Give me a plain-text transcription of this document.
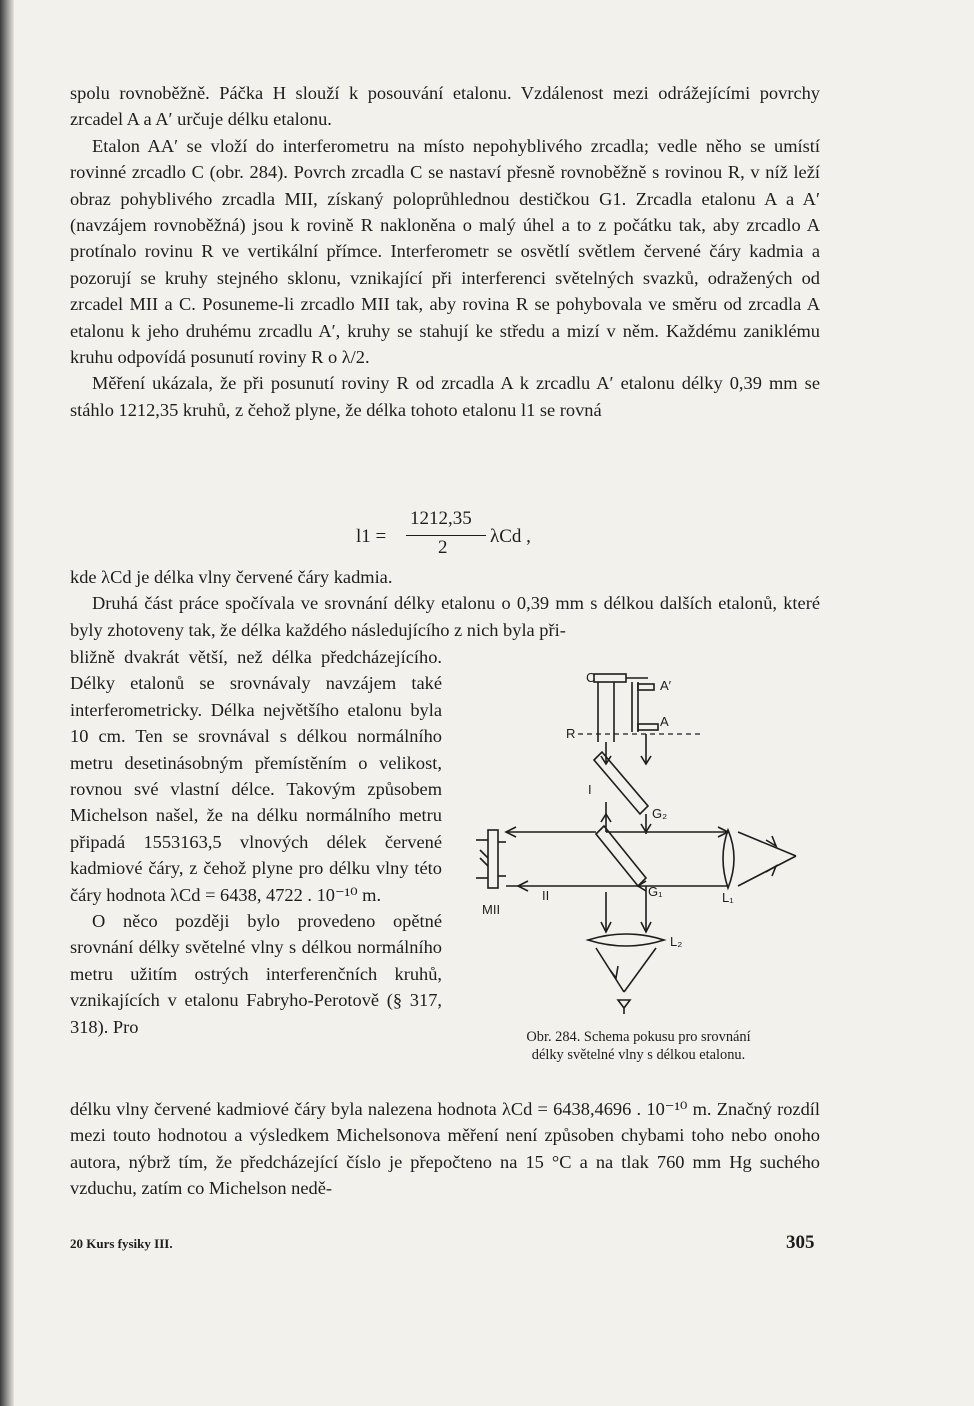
spolu rovnoběžně. Páčka H slouží k posouvání etalonu. Vzdálenost mezi odrážejícími povrchy zrcadel A a A′ určuje délku etalonu.

Etalon AA′ se vloží do interferometru na místo nepohyblivého zrcadla; vedle něho se umístí rovinné zrcadlo C (obr. 284). Povrch zrcadla C se nastaví přesně rovnoběžně s rovinou R, v níž leží obraz pohyblivého zrcadla MII, získaný poloprůhlednou destičkou G1. Zrcadla etalonu A a A′ (navzájem rovnoběžná) jsou k rovině R nakloněna o malý úhel a to z počátku tak, aby zrcadlo A protínalo rovinu R ve vertikální přímce. Interferometr se osvětlí světlem červené čáry kadmia a pozorují se kruhy stejného sklonu, vznikající při interferenci světelných svazků, odražených od zrcadel MII a C. Posuneme-li zrcadlo MII tak, aby rovina R se pohybovala ve směru od zrcadla A etalonu k jeho druhému zrcadlu A′, kruhy se stahují ke středu a mizí v něm. Každému zaniklému kruhu odpovídá posunutí roviny R o λ/2.

Měření ukázala, že při posunutí roviny R od zrcadla A k zrcadlu A′ etalonu délky 0,39 mm se stáhlo 1212,35 kruhů, z čehož plyne, že délka tohoto etalonu l1 se rovná

l1 =
1212,35
2
λCd ,

kde λCd je délka vlny červené čáry kadmia.

Druhá část práce spočívala ve srovnání délky etalonu o 0,39 mm s délkou dalších etalonů, které byly zhotoveny tak, že délka každého následujícího z nich byla při-

bližně dvakrát větší, než délka předcházejícího. Délky etalonů se srovnávaly navzájem také interferometricky. Délka největšího etalonu byla 10 cm. Ten se srovnával s délkou normálního metru desetinásobným přemístěním o velikost, rovnou své vlastní délce. Takovým způsobem Michelson našel, že na délku normálního metru připadá 1553163,5 vlnových délek červené kadmiové čáry, z čehož plyne pro délku vlny této čáry hodnota λCd = 6438, 4722 . 10⁻¹⁰ m.

O něco později bylo provedeno opětné srovnání délky světelné vlny s délkou normálního metru užitím ostrých interferenčních kruhů, vznikajících v etalonu Fabryho-Perotově (§ 317, 318). Pro

C
A′
A
R
I
G₂
G₁	L₁
L₂
II
MII
Obr. 284. Schema pokusu pro srovnání
délky světelné vlny s délkou etalonu.

délku vlny červené kadmiové čáry byla nalezena hodnota λCd = 6438,4696 . 10⁻¹⁰ m. Značný rozdíl mezi touto hodnotou a výsledkem Michelsonova měření není způsoben chybami toho nebo onoho autora, nýbrž tím, že předcházející číslo je přepočteno na 15 °C a na tlak 760 mm Hg suchého vzduchu, zatím co Michelson nedě-

20 Kurs fysiky III.	305
